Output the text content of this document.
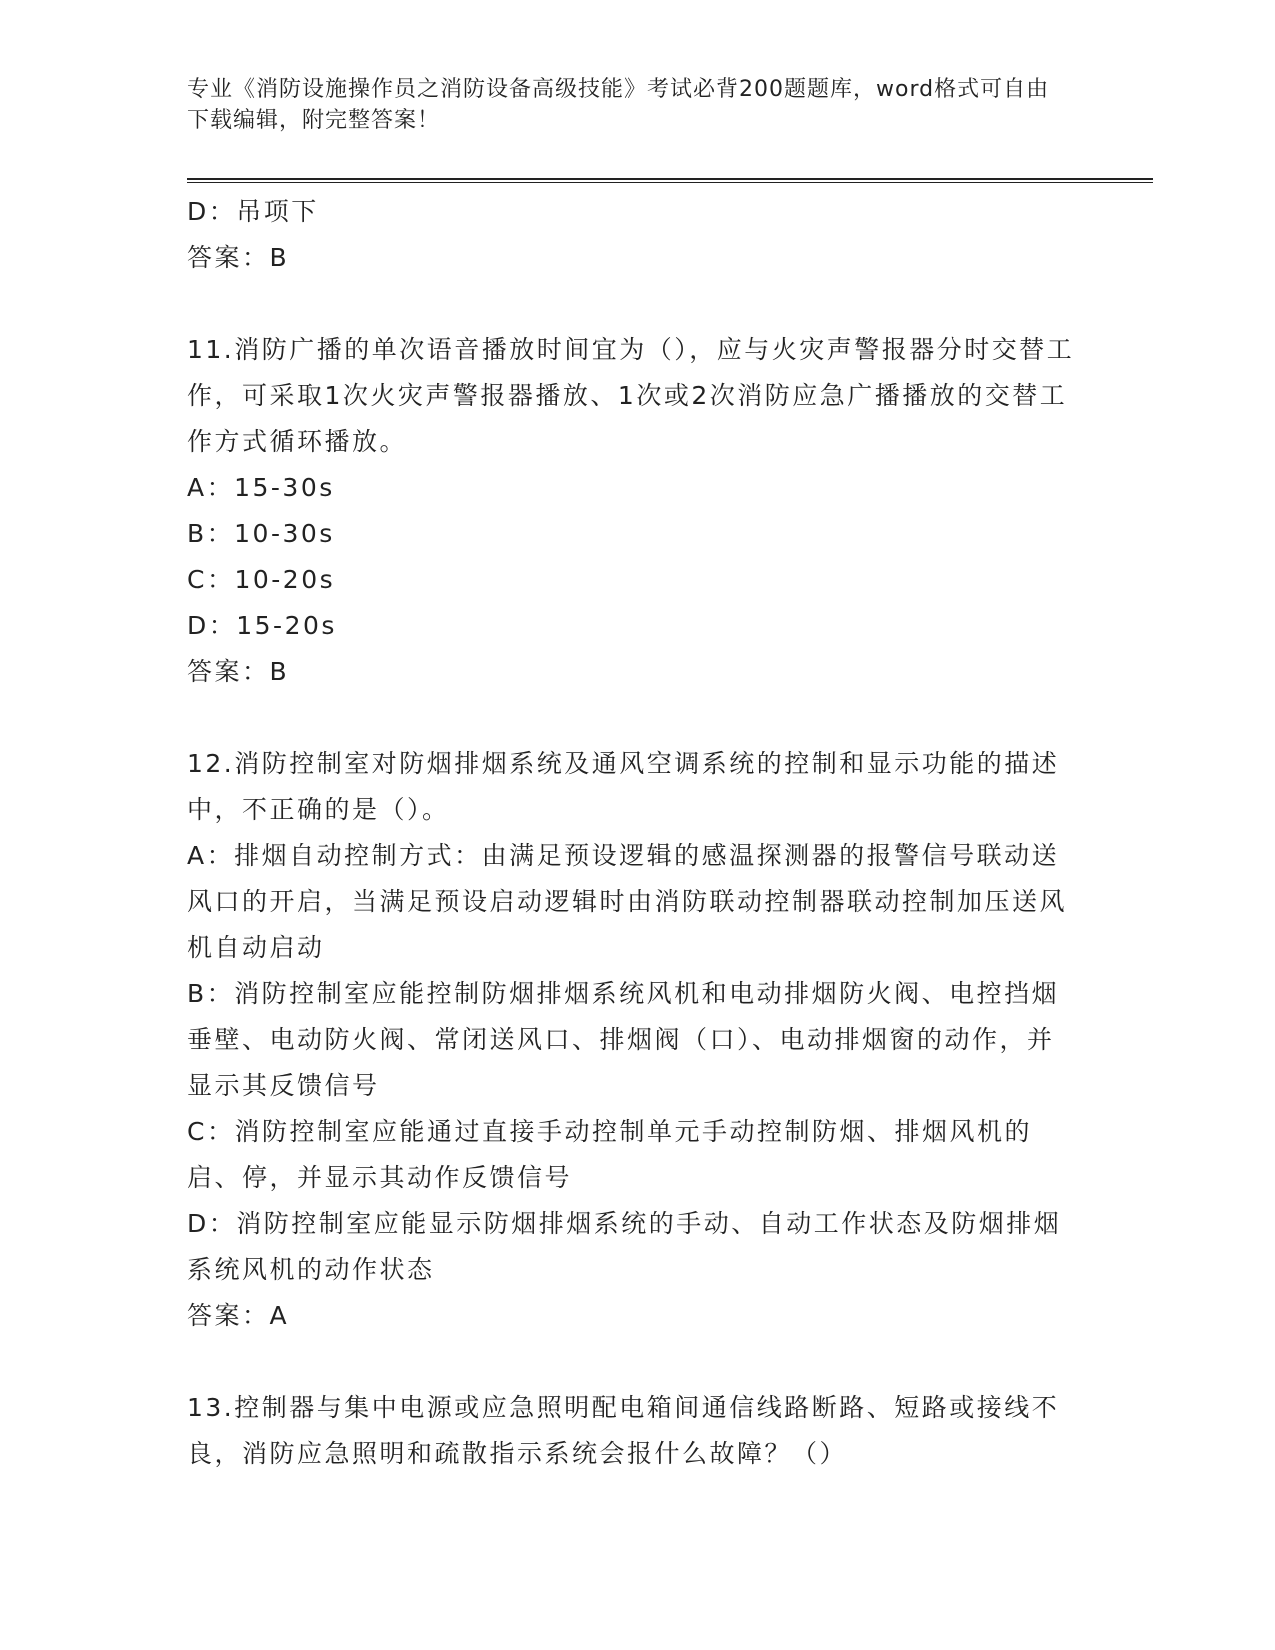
专业《消防设施操作员之消防设备高级技能》考试必背200题题库，word格式可自由下载编辑，附完整答案！

D：吊项下

答案：B

11.消防广播的单次语音播放时间宜为（），应与火灾声警报器分时交替工作，可采取1次火灾声警报器播放、1次或2次消防应急广播播放的交替工作方式循环播放。

A：15-30s

B：10-30s

C：10-20s

D：15-20s

答案：B

12.消防控制室对防烟排烟系统及通风空调系统的控制和显示功能的描述中，不正确的是（）。

A：排烟自动控制方式：由满足预设逻辑的感温探测器的报警信号联动送风口的开启，当满足预设启动逻辑时由消防联动控制器联动控制加压送风机自动启动

B：消防控制室应能控制防烟排烟系统风机和电动排烟防火阀、电控挡烟垂壁、电动防火阀、常闭送风口、排烟阀（口）、电动排烟窗的动作，并显示其反馈信号

C：消防控制室应能通过直接手动控制单元手动控制防烟、排烟风机的启、停，并显示其动作反馈信号

D：消防控制室应能显示防烟排烟系统的手动、自动工作状态及防烟排烟系统风机的动作状态

答案：A

13.控制器与集中电源或应急照明配电箱间通信线路断路、短路或接线不良，消防应急照明和疏散指示系统会报什么故障？（）
